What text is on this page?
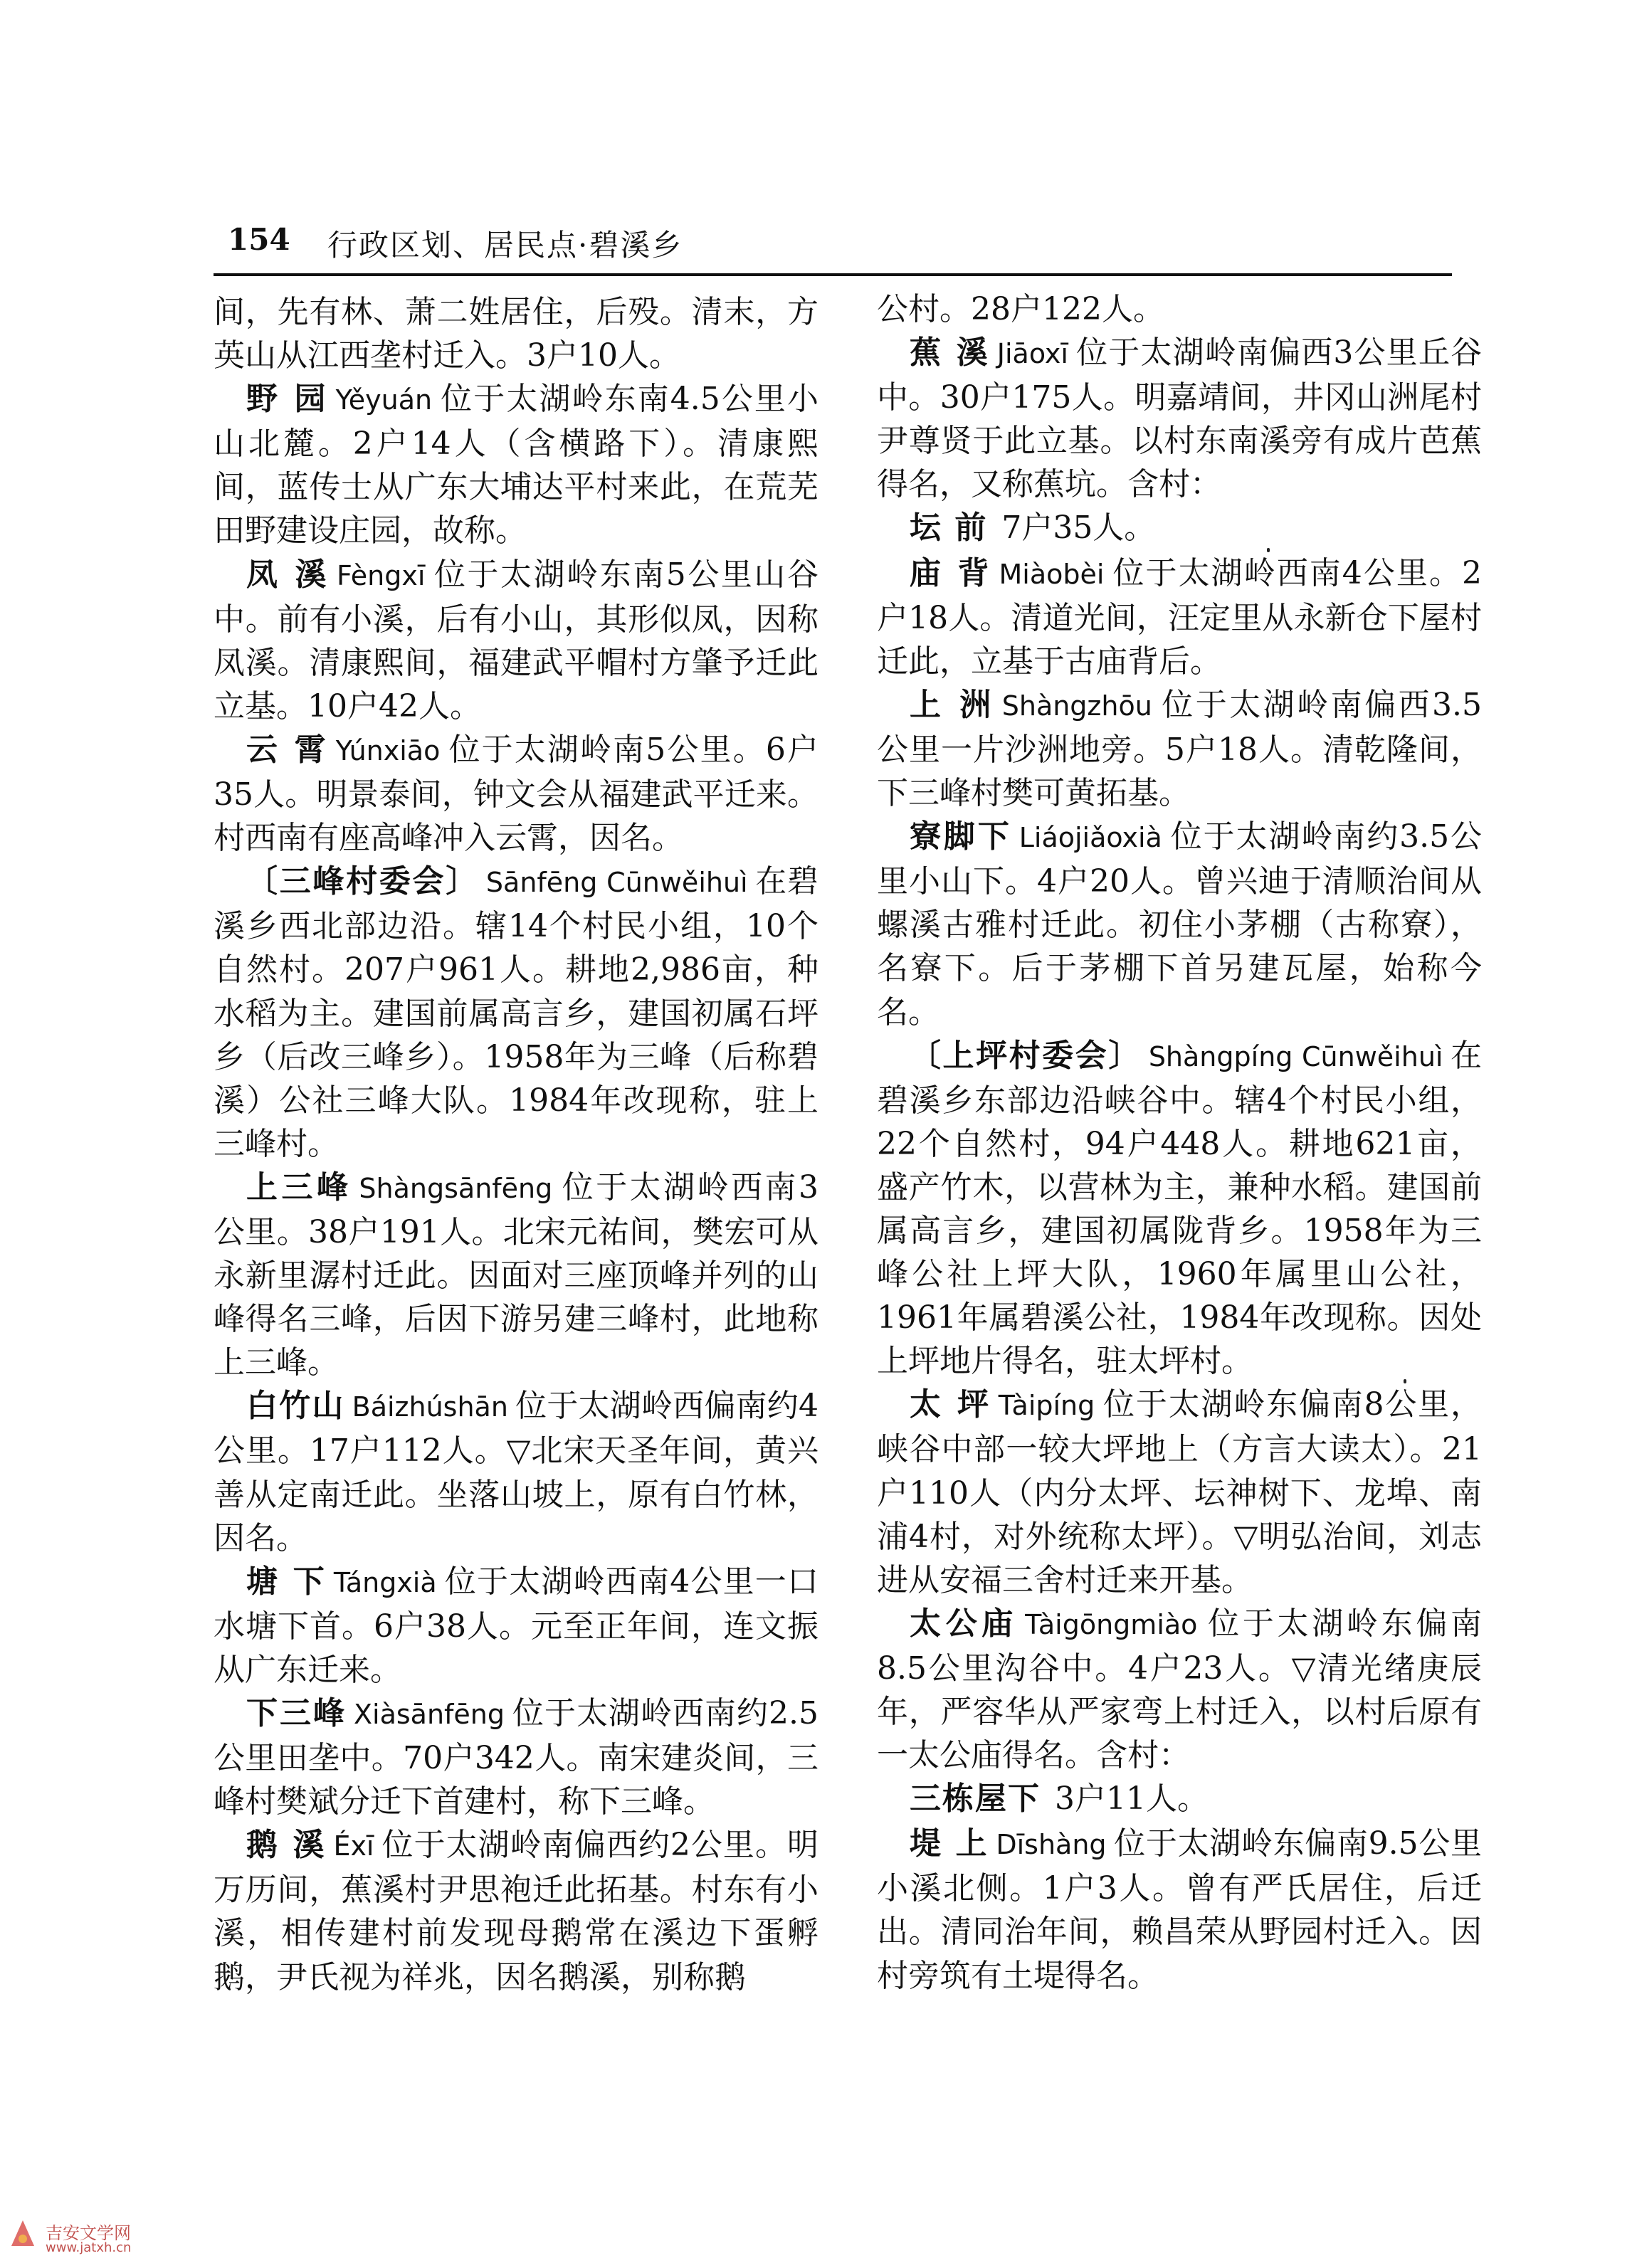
154 行政区划、居民点·碧溪乡

间，先有林、萧二姓居住，后殁。清末，方英山从江西垄村迁入。3户10人。

野 园 Yěyuán 位于太湖岭东南4.5公里小山北麓。2户14人（含横路下）。清康熙间，蓝传士从广东大埔达平村来此，在荒芜田野建设庄园，故称。

凤 溪 Fèngxī 位于太湖岭东南5公里山谷中。前有小溪，后有小山，其形似凤，因称凤溪。清康熙间，福建武平帽村方肇予迁此立基。10户42人。

云 霄 Yúnxiāo 位于太湖岭南5公里。6户35人。明景泰间，钟文会从福建武平迁来。村西南有座高峰冲入云霄，因名。

〔三峰村委会〕 Sānfēng Cūnwěihuì 在碧溪乡西北部边沿。辖14个村民小组，10个自然村。207户961人。耕地2,986亩，种水稻为主。建国前属高言乡，建国初属石坪乡（后改三峰乡）。1958年为三峰（后称碧溪）公社三峰大队。1984年改现称，驻上三峰村。

上三峰 Shàngsānfēng 位于太湖岭西南3公里。38户191人。北宋元祐间，樊宏可从永新里潺村迁此。因面对三座顶峰并列的山峰得名三峰，后因下游另建三峰村，此地称上三峰。

白竹山 Báizhúshān 位于太湖岭西偏南约4公里。17户112人。▽北宋天圣年间，黄兴善从定南迁此。坐落山坡上，原有白竹林，因名。

塘 下 Tángxià 位于太湖岭西南4公里一口水塘下首。6户38人。元至正年间，连文振从广东迁来。

下三峰 Xiàsānfēng 位于太湖岭西南约2.5公里田垄中。70户342人。南宋建炎间，三峰村樊斌分迁下首建村，称下三峰。

鹅 溪 Éxī 位于太湖岭南偏西约2公里。明万历间，蕉溪村尹思袍迁此拓基。村东有小溪，相传建村前发现母鹅常在溪边下蛋孵鹅，尹氏视为祥兆，因名鹅溪，别称鹅

公村。28户122人。

蕉 溪 Jiāoxī 位于太湖岭南偏西3公里丘谷中。30户175人。明嘉靖间，井冈山洲尾村尹尊贤于此立基。以村东南溪旁有成片芭蕉得名，又称蕉坑。含村：

坛 前 7户35人。

庙 背 Miàobèi 位于太湖岭西南4公里。2户18人。清道光间，汪定里从永新仓下屋村迁此，立基于古庙背后。

上 洲 Shàngzhōu 位于太湖岭南偏西3.5公里一片沙洲地旁。5户18人。清乾隆间，下三峰村樊可黄拓基。

寮脚下 Liáojiǎoxià 位于太湖岭南约3.5公里小山下。4户20人。曾兴迪于清顺治间从螺溪古雅村迁此。初住小茅棚（古称寮），名寮下。后于茅棚下首另建瓦屋，始称今名。

〔上坪村委会〕 Shàngpíng Cūnwěihuì 在碧溪乡东部边沿峡谷中。辖4个村民小组，22个自然村，94户448人。耕地621亩，盛产竹木，以营林为主，兼种水稻。建国前属高言乡，建国初属陇背乡。1958年为三峰公社上坪大队，1960年属里山公社，1961年属碧溪公社，1984年改现称。因处上坪地片得名，驻太坪村。

太 坪 Tàipíng 位于太湖岭东偏南8公里，峡谷中部一较大坪地上（方言大读太）。21户110人（内分太坪、坛神树下、龙埠、南浦4村，对外统称太坪）。▽明弘治间，刘志进从安福三舍村迁来开基。

太公庙 Tàigōngmiào 位于太湖岭东偏南8.5公里沟谷中。4户23人。▽清光绪庚辰年，严容华从严家弯上村迁入，以村后原有一太公庙得名。含村：

三栋屋下 3户11人。

堤 上 Dīshàng 位于太湖岭东偏南9.5公里小溪北侧。1户3人。曾有严氏居住，后迁出。清同治年间，赖昌荣从野园村迁入。因村旁筑有土堤得名。

吉安文学网
www.jatxh.cn
